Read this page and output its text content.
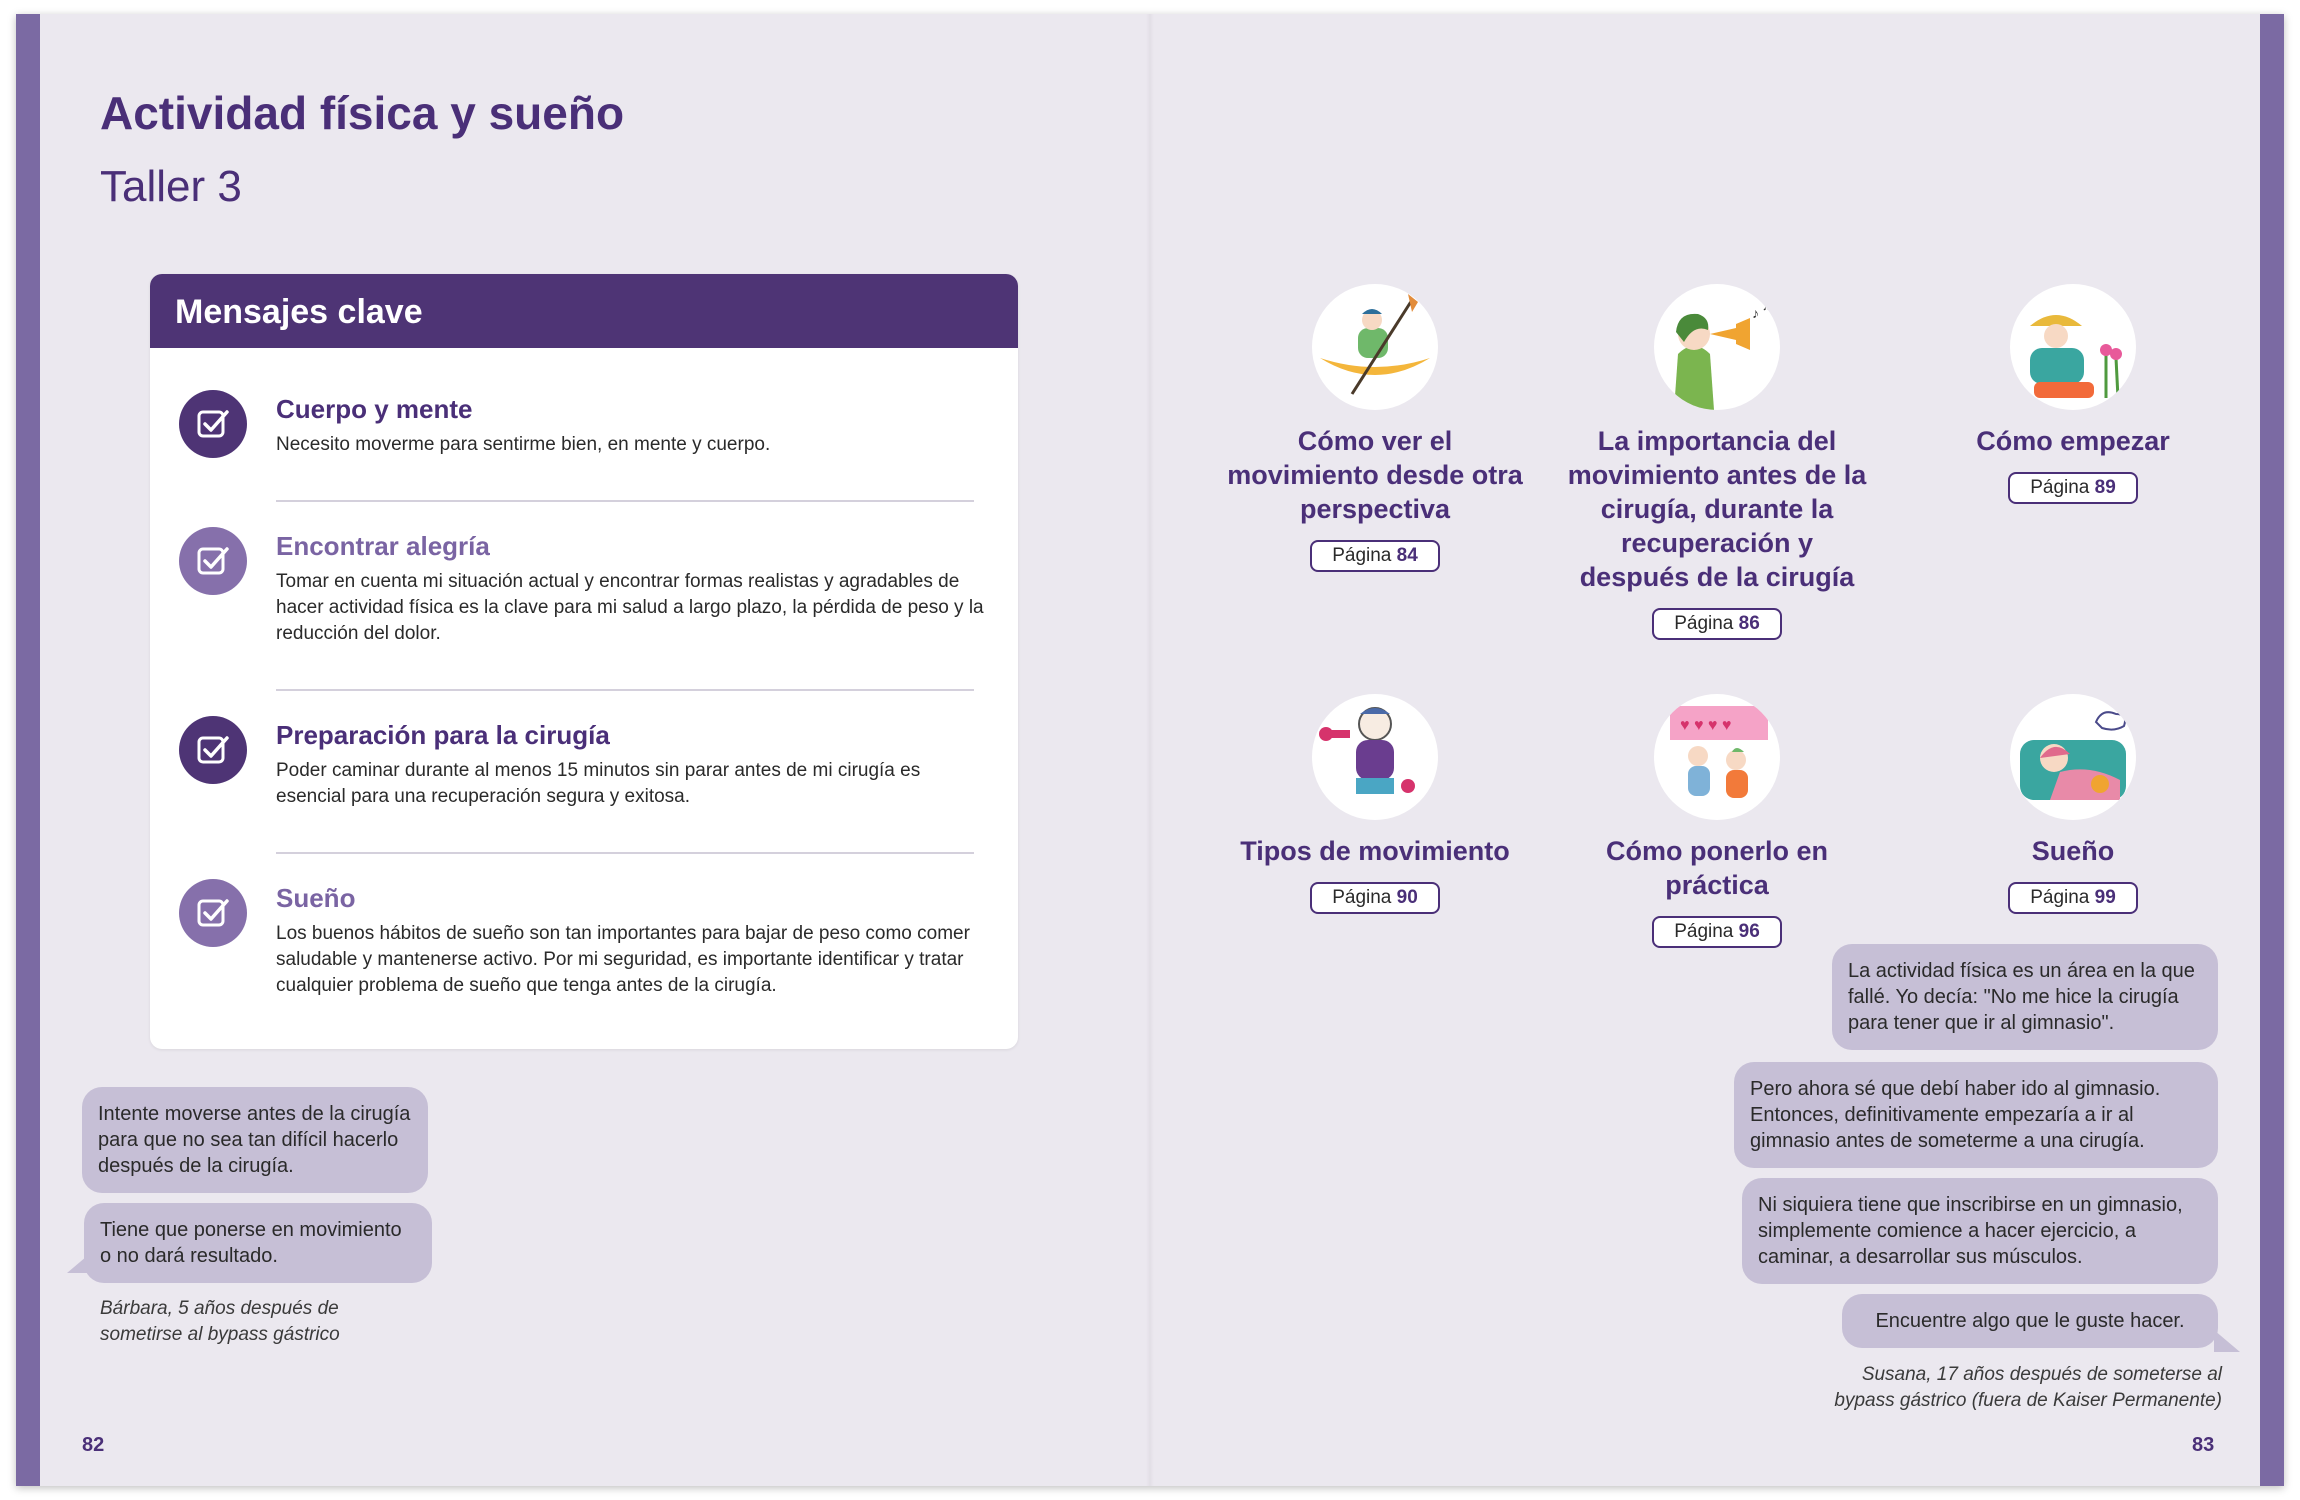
Actividad física y sueño
Taller 3
Mensajes clave
Cuerpo y mente
Necesito moverme para sentirme bien, en mente y cuerpo.
Encontrar alegría
Tomar en cuenta mi situación actual y encontrar formas realistas y agradables de hacer actividad física es la clave para mi salud a largo plazo, la pérdida de peso y la reducción del dolor.
Preparación para la cirugía
Poder caminar durante al menos 15 minutos sin parar antes de mi cirugía es esencial para una recuperación segura y exitosa.
Sueño
Los buenos hábitos de sueño son tan importantes para bajar de peso como comer saludable y mantenerse activo. Por mi seguridad, es importante identificar y tratar cualquier problema de sueño que tenga antes de la cirugía.
Intente moverse antes de la cirugía para que no sea tan difícil hacerlo después de la cirugía.
Tiene que ponerse en movimiento o no dará resultado.
Bárbara, 5 años después de sometirse al bypass gástrico
Cómo ver el movimiento desde otra perspectiva
Página 84
♪ ♫
La importancia del movimiento antes de la cirugía, durante la recuperación y después de la cirugía
Página 86
Cómo empezar
Página 89
Tipos de movimiento
Página 90
♥ ♥ ♥ ♥
Cómo ponerlo en práctica
Página 96
Sueño
Página 99
La actividad física es un área en la que fallé. Yo decía: "No me hice la cirugía para tener que ir al gimnasio".
Pero ahora sé que debí haber ido al gimnasio. Entonces, definitivamente empezaría a ir al gimnasio antes de someterme a una cirugía.
Ni siquiera tiene que inscribirse en un gimnasio, simplemente comience a hacer ejercicio, a caminar, a desarrollar sus músculos.
Encuentre algo que le guste hacer.
Susana, 17 años después de someterse al bypass gástrico (fuera de Kaiser Permanente)
82	83
